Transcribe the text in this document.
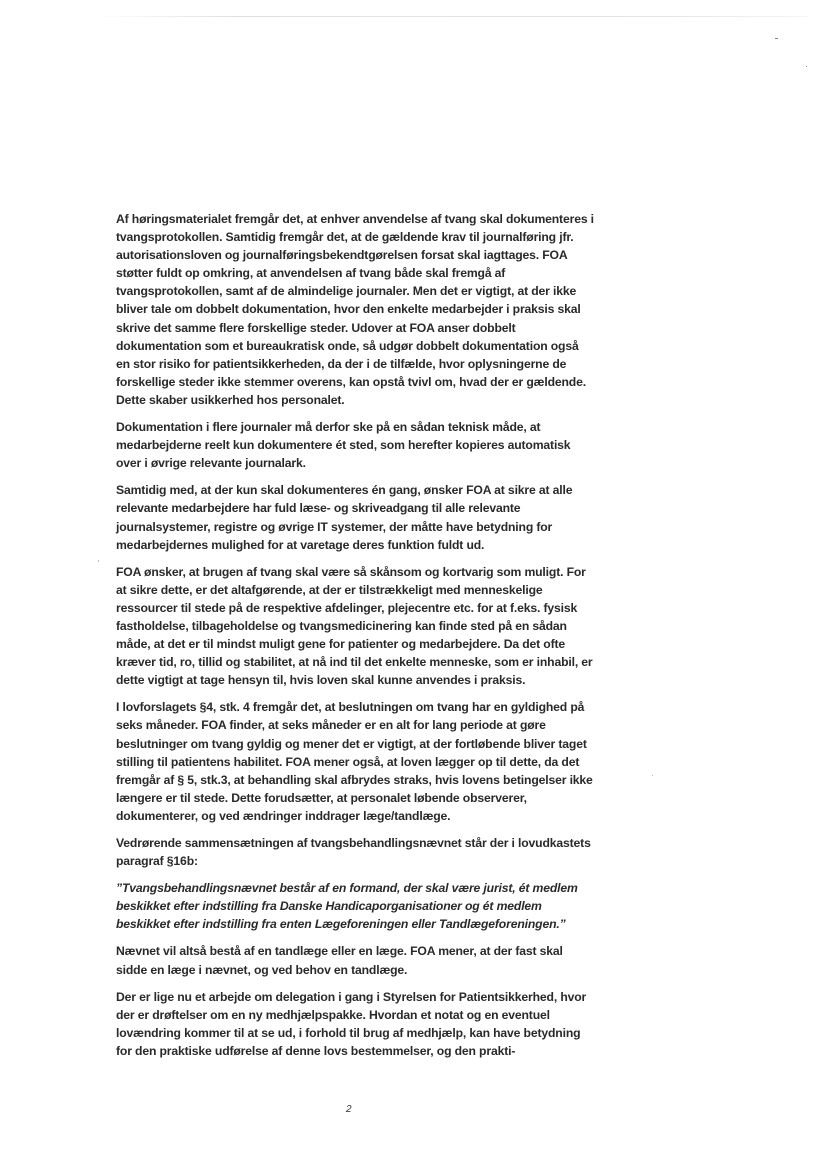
Af høringsmaterialet fremgår det, at enhver anvendelse af tvang skal dokumenteres i tvangsprotokollen. Samtidig fremgår det, at de gældende krav til journalføring jfr. autorisationsloven og journalføringsbekendtgørelsen forsat skal iagttages. FOA støtter fuldt op omkring, at anvendelsen af tvang både skal fremgå af tvangsprotokollen, samt af de almindelige journaler. Men det er vigtigt, at der ikke bliver tale om dobbelt dokumentation, hvor den enkelte medarbejder i praksis skal skrive det samme flere forskellige steder. Udover at FOA anser dobbelt dokumentation som et bureaukratisk onde, så udgør dobbelt dokumentation også en stor risiko for patientsikkerheden, da der i de tilfælde, hvor oplysningerne de forskellige steder ikke stemmer overens, kan opstå tvivl om, hvad der er gældende. Dette skaber usikkerhed hos personalet.

Dokumentation i flere journaler må derfor ske på en sådan teknisk måde, at medarbejderne reelt kun dokumentere ét sted, som herefter kopieres automatisk over i øvrige relevante journalark.

Samtidig med, at der kun skal dokumenteres én gang, ønsker FOA at sikre at alle relevante medarbejdere har fuld læse- og skriveadgang til alle relevante journalsystemer, registre og øvrige IT systemer, der måtte have betydning for medarbejdernes mulighed for at varetage deres funktion fuldt ud.

FOA ønsker, at brugen af tvang skal være så skånsom og kortvarig som muligt. For at sikre dette, er det altafgørende, at der er tilstrækkeligt med menneskelige ressourcer til stede på de respektive afdelinger, plejecentre etc. for at f.eks. fysisk fastholdelse, tilbageholdelse og tvangsmedicinering kan finde sted på en sådan måde, at det er til mindst muligt gene for patienter og medarbejdere. Da det ofte kræver tid, ro, tillid og stabilitet, at nå ind til det enkelte menneske, som er inhabil, er dette vigtigt at tage hensyn til, hvis loven skal kunne anvendes i praksis.

I lovforslagets §4, stk. 4 fremgår det, at beslutningen om tvang har en gyldighed på seks måneder. FOA finder, at seks måneder er en alt for lang periode at gøre beslutninger om tvang gyldig og mener det er vigtigt, at der fortløbende bliver taget stilling til patientens habilitet. FOA mener også, at loven lægger op til dette, da det fremgår af § 5, stk.3, at behandling skal afbrydes straks, hvis lovens betingelser ikke længere er til stede. Dette forudsætter, at personalet løbende observerer, dokumenterer, og ved ændringer inddrager læge/tandlæge.

Vedrørende sammensætningen af tvangsbehandlingsnævnet står der i lovudkastets paragraf §16b:

”Tvangsbehandlingsnævnet består af en formand, der skal være jurist, ét medlem beskikket efter indstilling fra Danske Handicaporganisationer og ét medlem beskikket efter indstilling fra enten Lægeforeningen eller Tandlægeforeningen.”

Nævnet vil altså bestå af en tandlæge eller en læge. FOA mener, at der fast skal sidde en læge i nævnet, og ved behov en tandlæge.

Der er lige nu et arbejde om delegation i gang i Styrelsen for Patientsikkerhed, hvor der er drøftelser om en ny medhjælpspakke. Hvordan et notat og en eventuel lovændring kommer til at se ud, i forhold til brug af medhjælp, kan have betydning for den praktiske udførelse af denne lovs bestemmelser, og den prakti-

2
